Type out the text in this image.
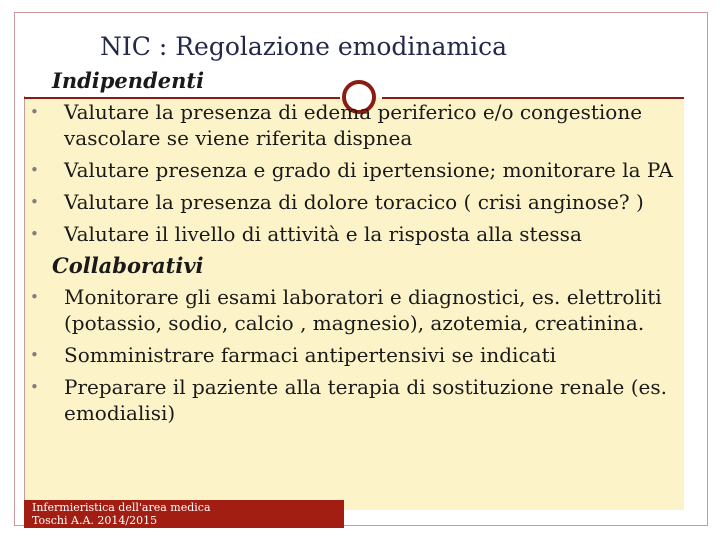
NIC : Regolazione emodinamica
Indipendenti
• Valutare la presenza di edema periferico e/o congestione vascolare se viene riferita dispnea
• Valutare presenza e grado di ipertensione; monitorare la PA
• Valutare la presenza di dolore toracico ( crisi anginose? )
• Valutare il livello di attività e la risposta alla stessa
Collaborativi
• Monitorare gli esami laboratori e diagnostici, es. elettroliti (potassio, sodio, calcio , magnesio), azotemia, creatinina.
• Somministrare farmaci antipertensivi se indicati
• Preparare il paziente alla terapia di sostituzione renale (es. emodialisi)
Infermieristica dell'area medica
Toschi A.A. 2014/2015
